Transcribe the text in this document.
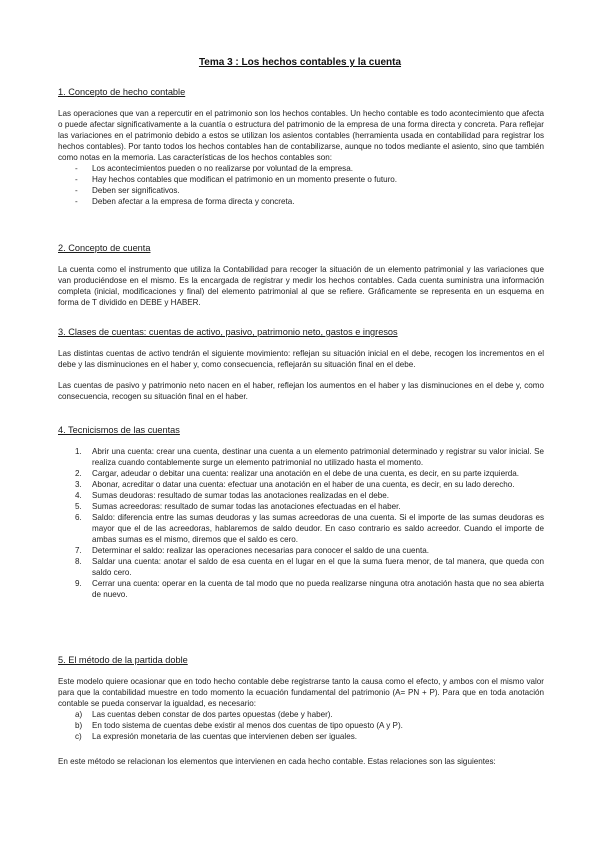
Tema 3 : Los hechos contables y la cuenta
1. Concepto de hecho contable

Las operaciones que van a repercutir en el patrimonio son los hechos contables. Un hecho contable es todo acontecimiento que afecta o puede afectar significativamente a la cuantía o estructura del patrimonio de la empresa de una forma directa y concreta. Para reflejar las variaciones en el patrimonio debido a estos se utilizan los asientos contables (herramienta usada en contabilidad para registrar los hechos contables). Por tanto todos los hechos contables han de contabilizarse, aunque no todos mediante el asiento, sino que también como notas en la memoria. Las características de los hechos contables son:

- Los acontecimientos pueden o no realizarse por voluntad de la empresa.
- Hay hechos contables que modifican el patrimonio en un momento presente o futuro.
- Deben ser significativos.
- Deben afectar a la empresa de forma directa y concreta.
2. Concepto de cuenta

La cuenta como el instrumento que utiliza la Contabilidad para recoger la situación de un elemento patrimonial y las variaciones que van produciéndose en el mismo. Es la encargada de registrar y medir los hechos contables. Cada cuenta suministra una información completa (inicial, modificaciones y final) del elemento patrimonial al que se refiere. Gráficamente se representa en un esquema en forma de T dividido en DEBE y HABER.

3. Clases de cuentas: cuentas de activo, pasivo, patrimonio neto, gastos e ingresos

Las distintas cuentas de activo tendrán el siguiente movimiento: reflejan su situación inicial en el debe, recogen los incrementos en el debe y las disminuciones en el haber y, como consecuencia, reflejarán su situación final en el debe.

Las cuentas de pasivo y patrimonio neto nacen en el haber, reflejan los aumentos en el haber y las disminuciones en el debe y, como consecuencia, recogen su situación final en el haber.

4. Tecnicismos de las cuentas
1. Abrir una cuenta: crear una cuenta, destinar una cuenta a un elemento patrimonial determinado y registrar su valor inicial. Se realiza cuando contablemente surge un elemento patrimonial no utilizado hasta el momento.
2. Cargar, adeudar o debitar una cuenta: realizar una anotación en el debe de una cuenta, es decir, en su parte izquierda.
3. Abonar, acreditar o datar una cuenta: efectuar una anotación en el haber de una cuenta, es decir, en su lado derecho.
4. Sumas deudoras: resultado de sumar todas las anotaciones realizadas en el debe.
5. Sumas acreedoras: resultado de sumar todas las anotaciones efectuadas en el haber.
6. Saldo: diferencia entre las sumas deudoras y las sumas acreedoras de una cuenta. Si el importe de las sumas deudoras es mayor que el de las acreedoras, hablaremos de saldo deudor. En caso contrario es saldo acreedor. Cuando el importe de ambas sumas es el mismo, diremos que el saldo es cero.
7. Determinar el saldo: realizar las operaciones necesarias para conocer el saldo de una cuenta.
8. Saldar una cuenta: anotar el saldo de esa cuenta en el lugar en el que la suma fuera menor, de tal manera, que queda con saldo cero.
9. Cerrar una cuenta: operar en la cuenta de tal modo que no pueda realizarse ninguna otra anotación hasta que no sea abierta de nuevo.
5. El método de la partida doble

Este modelo quiere ocasionar que en todo hecho contable debe registrarse tanto la causa como el efecto, y ambos con el mismo valor para que la contabilidad muestre en todo momento la ecuación fundamental del patrimonio (A= PN + P). Para que en toda anotación contable se pueda conservar la igualdad, es necesario:

a) Las cuentas deben constar de dos partes opuestas (debe y haber).
b) En todo sistema de cuentas debe existir al menos dos cuentas de tipo opuesto (A y P).
c) La expresión monetaria de las cuentas que intervienen deben ser iguales.

En este método se relacionan los elementos que intervienen en cada hecho contable. Estas relaciones son las siguientes:
